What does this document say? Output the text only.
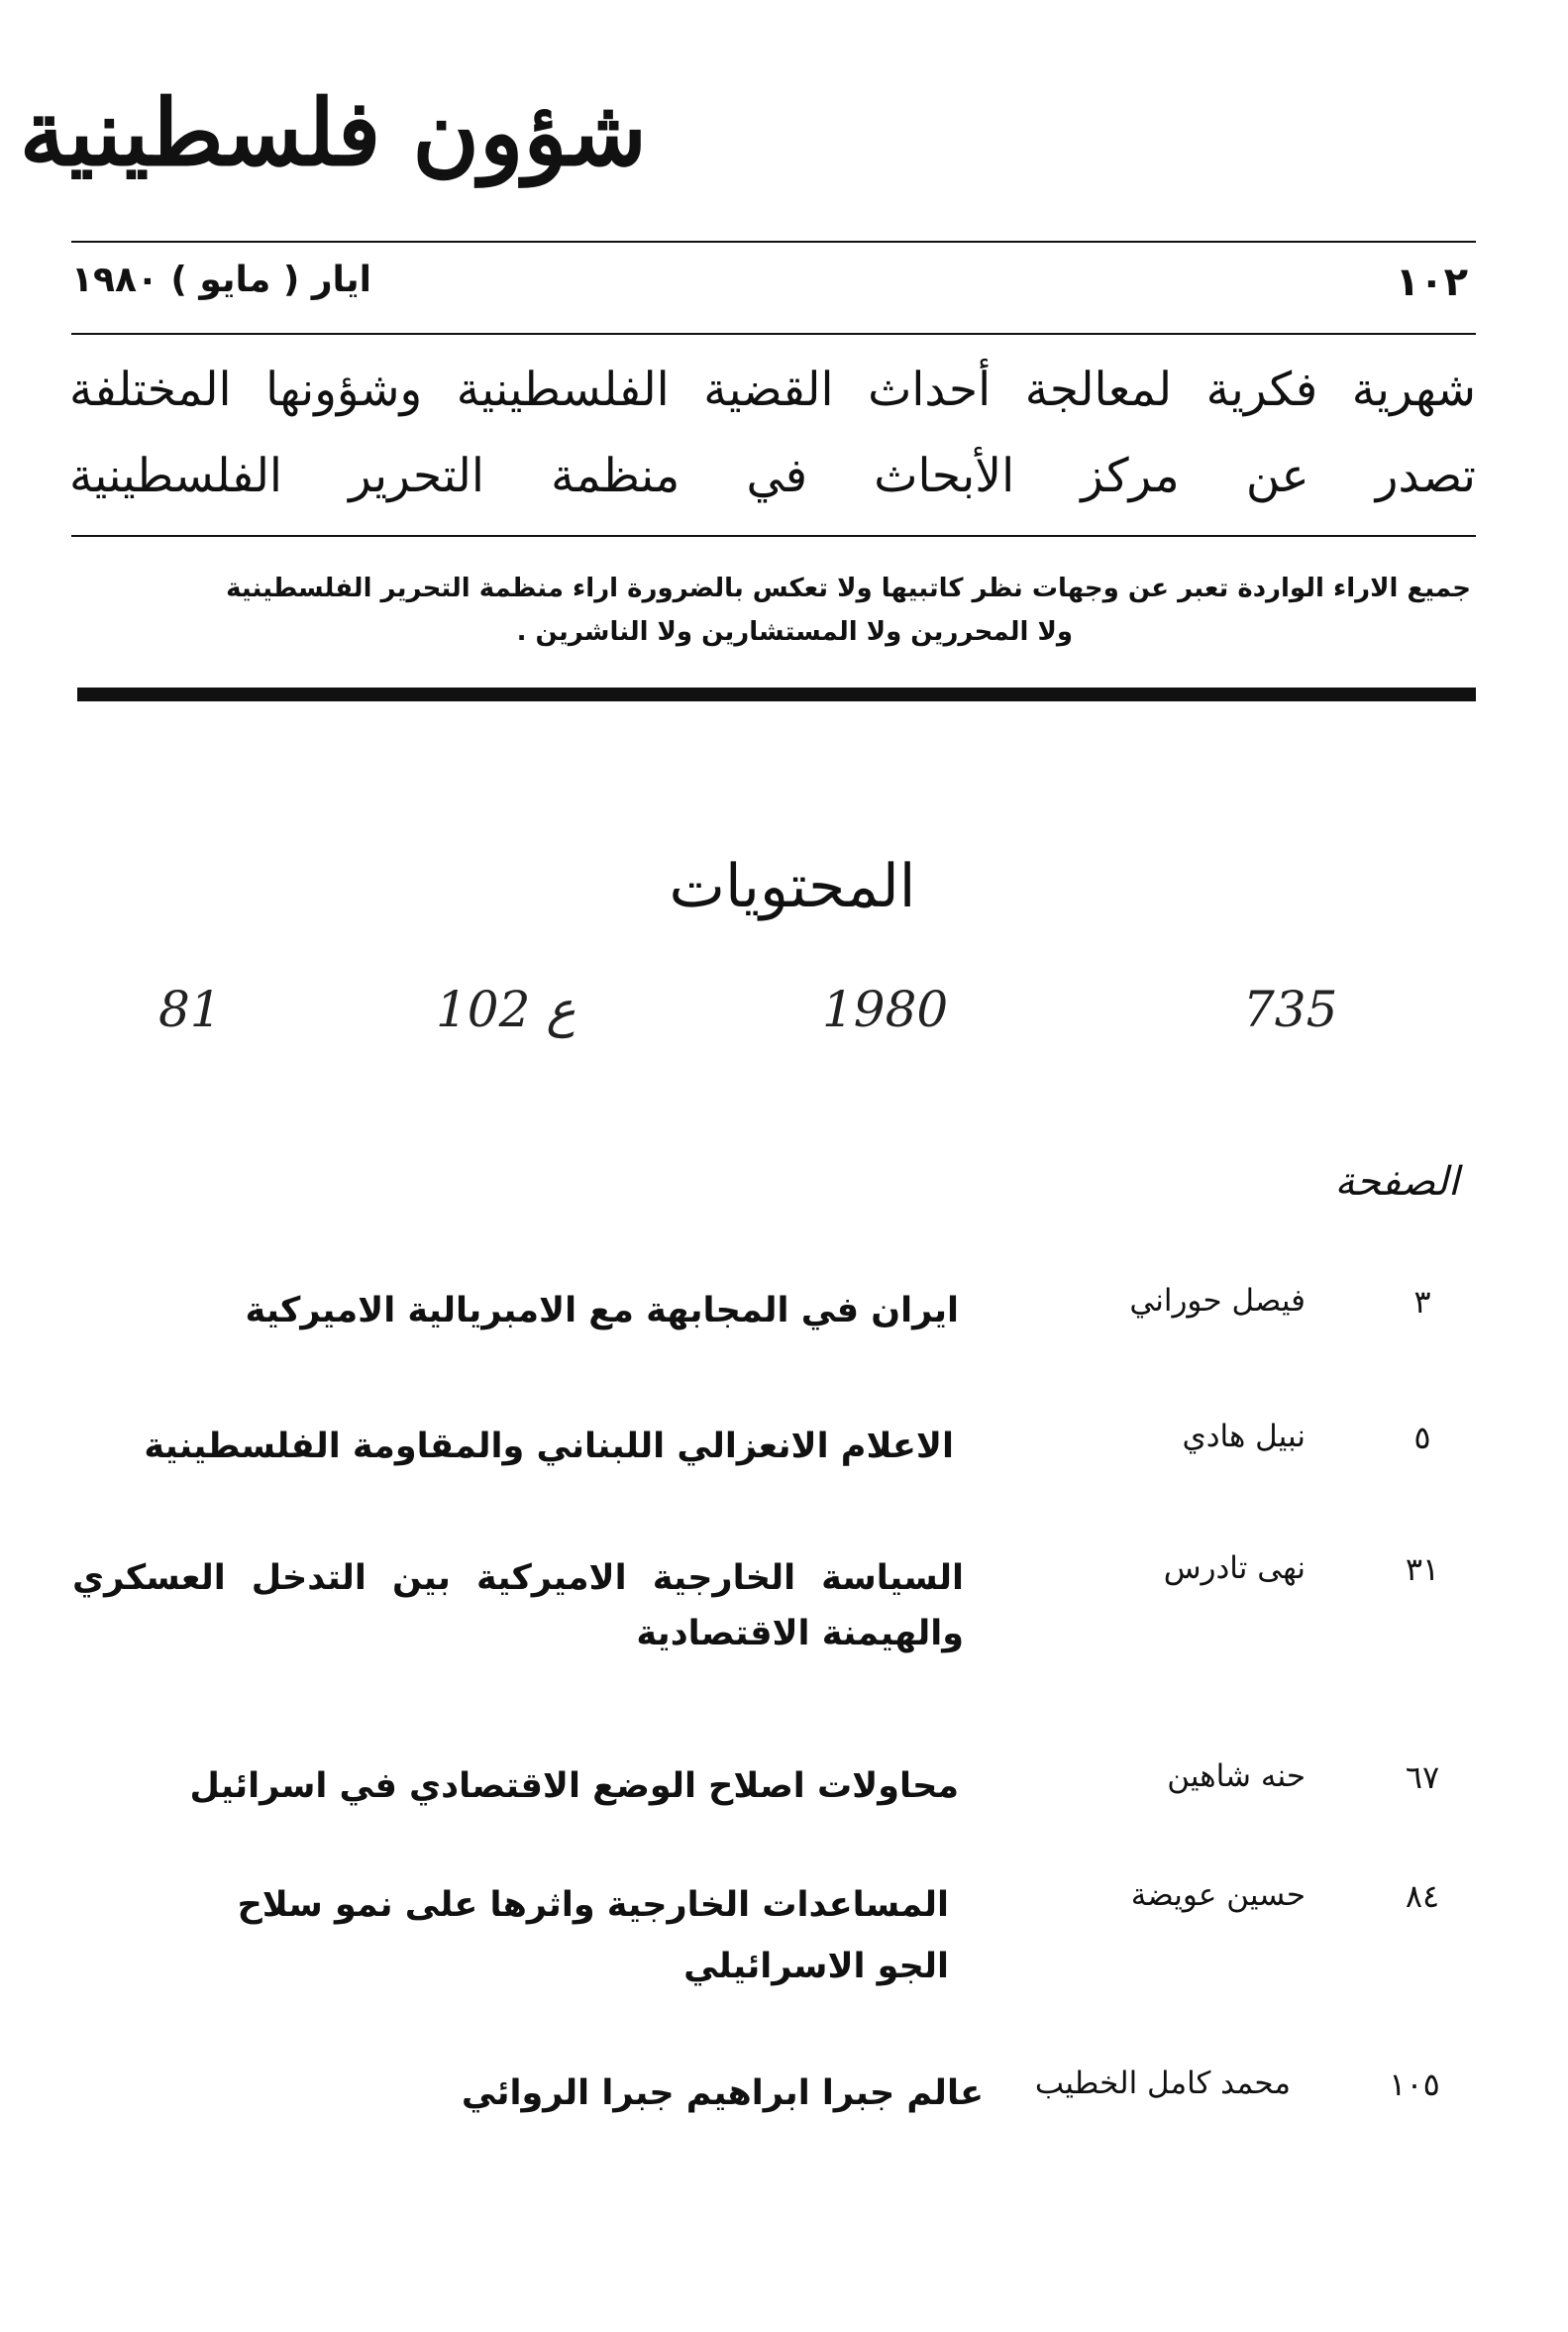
شؤون فلسطينية
١٠٢
ايار ( مايو ) ١٩٨٠
شهرية فكرية لمعالجة أحداث القضية الفلسطينية وشؤونها المختلفة
تصدر عن مركز الأبحاث في منظمة التحرير الفلسطينية
جميع الاراء الواردة تعبر عن وجهات نظر كاتبيها ولا تعكس بالضرورة اراء منظمة التحرير الفلسطينية
ولا المحررين ولا المستشارين ولا الناشرين .
المحتويات
735
1980
ع 102
81
الصفحة
٣
فيصل حوراني
ايران في المجابهة مع الامبريالية الاميركية
٥
نبيل هادي
الاعلام الانعزالي اللبناني والمقاومة الفلسطينية
٣١
نهى تادرس
السياسة الخارجية الاميركية بين التدخل العسكري
والهيمنة الاقتصادية
٦٧
حنه شاهين
محاولات اصلاح الوضع الاقتصادي في اسرائيل
٨٤
حسين عويضة
المساعدات الخارجية واثرها على نمو سلاح
الجو الاسرائيلي
١٠٥
محمد كامل الخطيب
عالم جبرا ابراهيم جبرا الروائي
